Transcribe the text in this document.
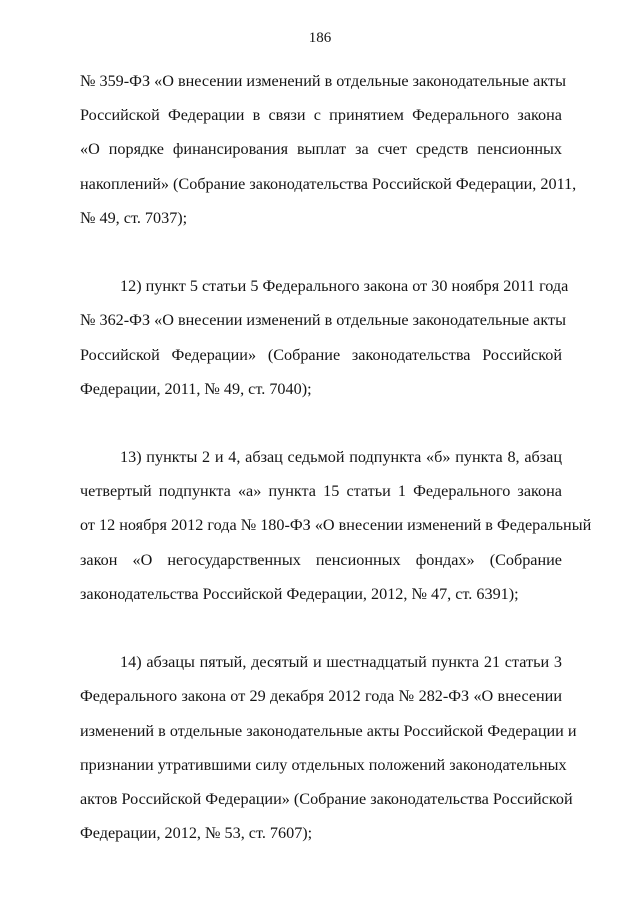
186

№ 359-ФЗ «О внесении изменений в отдельные законодательные акты
Российской Федерации в связи с принятием Федерального закона
«О порядке финансирования выплат за счет средств пенсионных
накоплений» (Собрание законодательства Российской Федерации, 2011,
№ 49, ст. 7037);

12) пункт 5 статьи 5 Федерального закона от 30 ноября 2011 года
№ 362-ФЗ «О внесении изменений в отдельные законодательные акты
Российской Федерации» (Собрание законодательства Российской
Федерации, 2011, № 49, ст. 7040);

13) пункты 2 и 4, абзац седьмой подпункта «б» пункта 8, абзац
четвертый подпункта «а» пункта 15 статьи 1 Федерального закона
от 12 ноября 2012 года № 180-ФЗ «О внесении изменений в Федеральный
закон «О негосударственных пенсионных фондах» (Собрание
законодательства Российской Федерации, 2012, № 47, ст. 6391);

14) абзацы пятый, десятый и шестнадцатый пункта 21 статьи 3
Федерального закона от 29 декабря 2012 года № 282-ФЗ «О внесении
изменений в отдельные законодательные акты Российской Федерации и
признании утратившими силу отдельных положений законодательных
актов Российской Федерации» (Собрание законодательства Российской
Федерации, 2012, № 53, ст. 7607);
